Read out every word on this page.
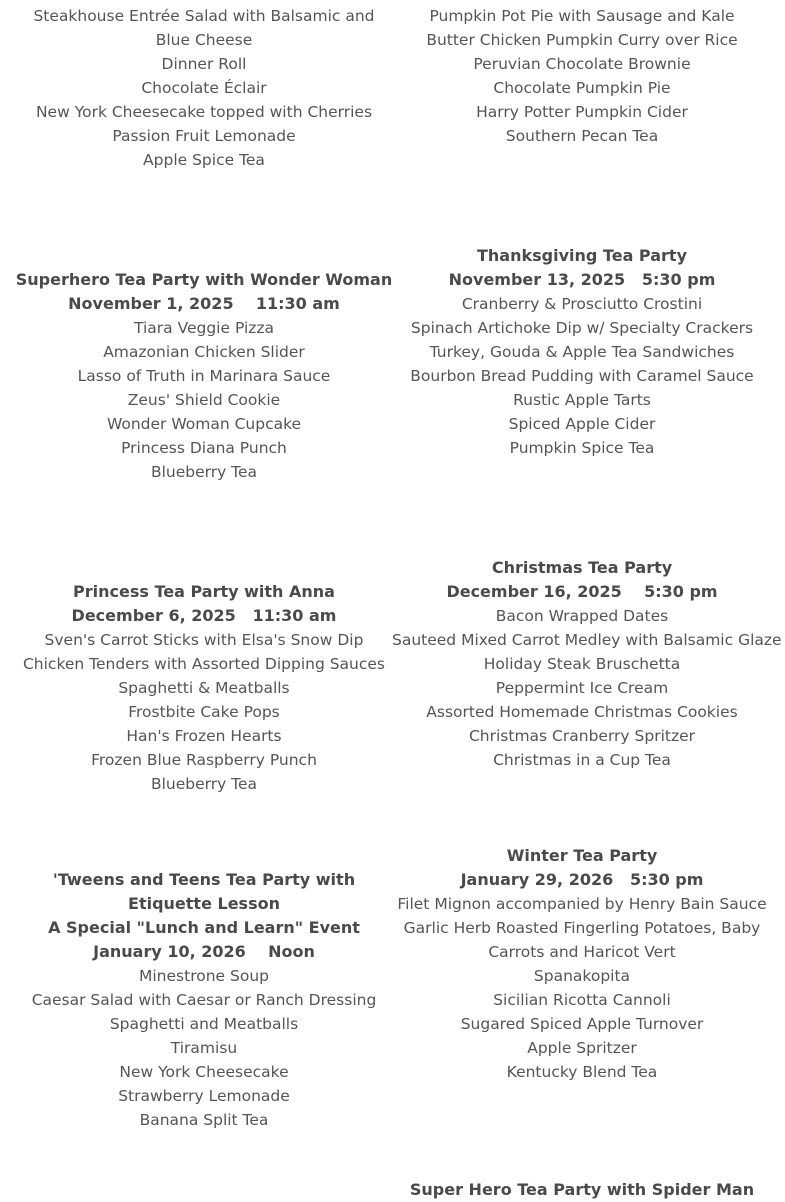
Steakhouse Entrée Salad with Balsamic and Blue Cheese
Dinner Roll
Chocolate Éclair
New York Cheesecake topped with Cherries
Passion Fruit Lemonade
Apple Spice Tea
Pumpkin Pot Pie with Sausage and Kale
Butter Chicken Pumpkin Curry over Rice
Peruvian Chocolate Brownie
Chocolate Pumpkin Pie
Harry Potter Pumpkin Cider
Southern Pecan Tea
Superhero Tea Party with Wonder Woman
November 1, 2025    11:30 am
Tiara Veggie Pizza
Amazonian Chicken Slider
Lasso of Truth in Marinara Sauce
Zeus' Shield Cookie
Wonder Woman Cupcake
Princess Diana Punch
Blueberry Tea
Thanksgiving Tea Party
November 13, 2025   5:30 pm
Cranberry & Prosciutto Crostini
Spinach Artichoke Dip w/ Specialty Crackers
Turkey, Gouda & Apple Tea Sandwiches
Bourbon Bread Pudding with Caramel Sauce
Rustic Apple Tarts
Spiced Apple Cider
Pumpkin Spice Tea
Princess Tea Party with Anna
December 6, 2025   11:30 am
Sven's Carrot Sticks with Elsa's Snow Dip
Chicken Tenders with Assorted Dipping Sauces
Spaghetti & Meatballs
Frostbite Cake Pops
Han's Frozen Hearts
Frozen Blue Raspberry Punch
Blueberry Tea
Christmas Tea Party
December 16, 2025    5:30 pm
Bacon Wrapped Dates
Sauteed Mixed Carrot Medley with Balsamic Glaze
Holiday Steak Bruschetta
Peppermint Ice Cream
Assorted Homemade Christmas Cookies
Christmas Cranberry Spritzer
Christmas in a Cup Tea
'Tweens and Teens Tea Party with Etiquette Lesson
A Special "Lunch and Learn" Event
January 10, 2026    Noon
Minestrone Soup
Caesar Salad with Caesar or Ranch Dressing
Spaghetti and Meatballs
Tiramisu
New York Cheesecake
Strawberry Lemonade
Banana Split Tea
Winter Tea Party
January 29, 2026   5:30 pm
Filet Mignon accompanied by Henry Bain Sauce
Garlic Herb Roasted Fingerling Potatoes, Baby Carrots and Haricot Vert
Spanakopita
Sicilian Ricotta Cannoli
Sugared Spiced Apple Turnover
Apple Spritzer
Kentucky Blend Tea
Super Hero Tea Party with Spider Man
